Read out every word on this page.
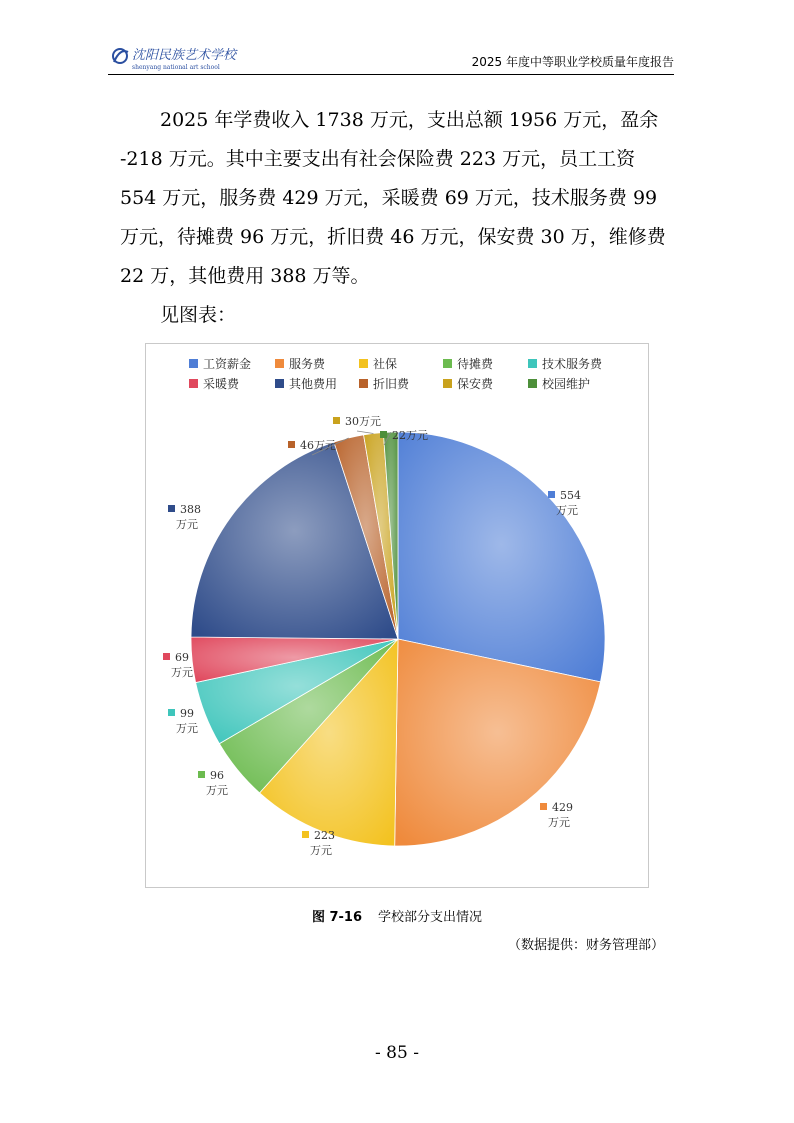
沈阳民族艺术学校
shenyang national art school	2025 年度中等职业学校质量年度报告

2025 年学费收入 1738 万元，支出总额 1956 万元，盈余 -218 万元。其中主要支出有社会保险费 223 万元，员工工资 554 万元，服务费 429 万元，采暖费 69 万元，技术服务费 99 万元，待摊费 96 万元，折旧费 46 万元，保安费 30 万，维修费 22 万，其他费用 388 万等。

见图表：

工资薪金	服务费	社保	待摊费	技术服务费
采暖费	其他费用	折旧费	保安费	校园维护
554
万元
429
万元
223
万元
96
万元
99
万元
69
万元
388
万元
46万元
30万元
22万元
图 7-16 学校部分支出情况
（数据提供：财务管理部）
- 85 -
